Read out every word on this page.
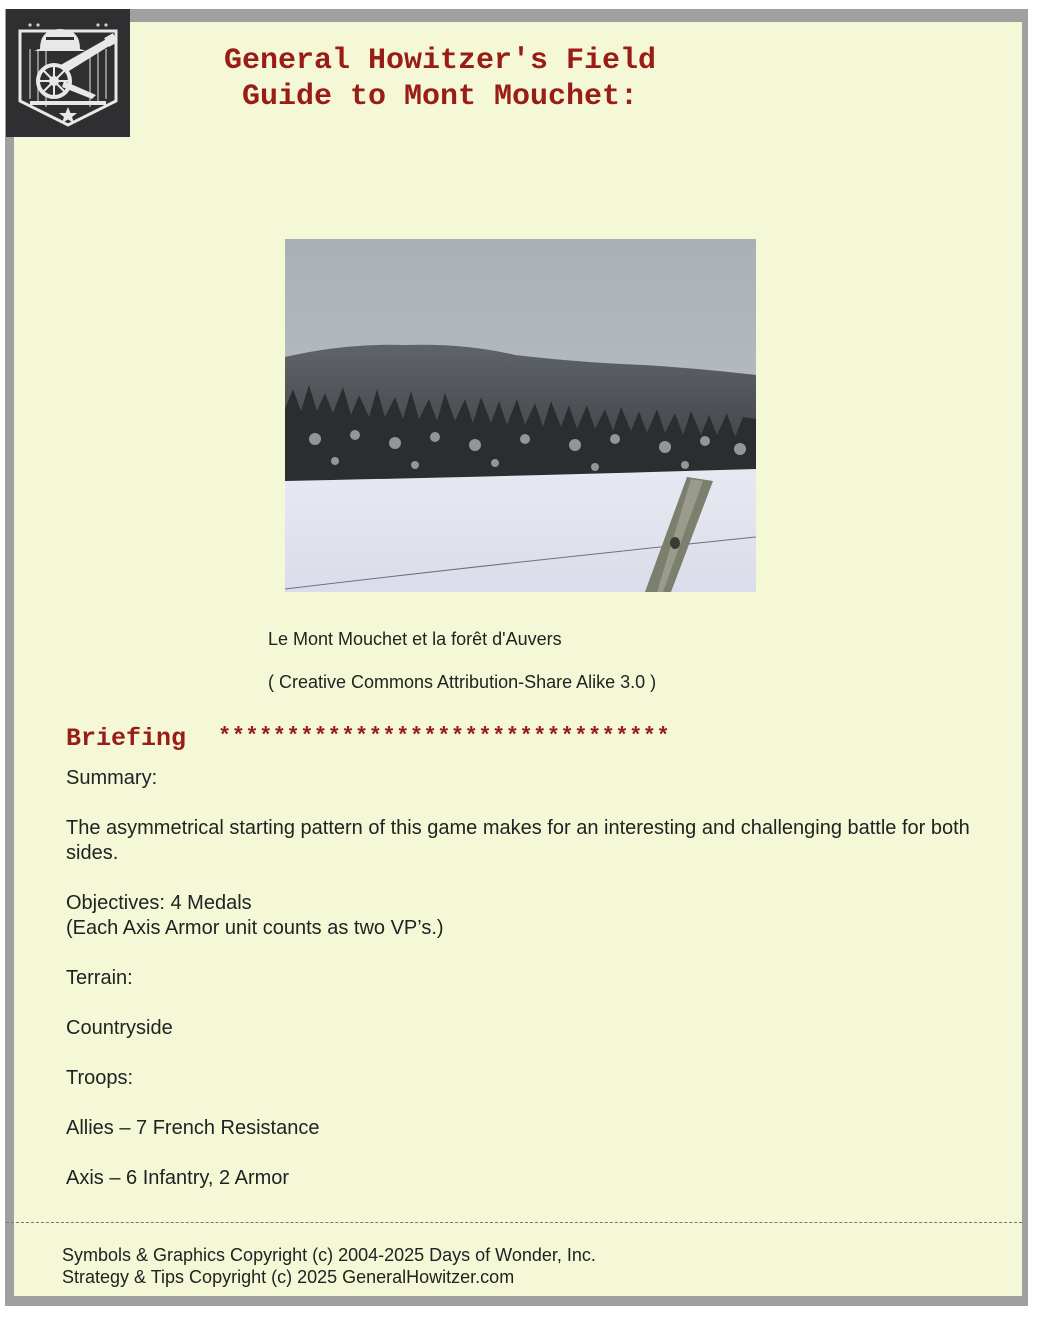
General Howitzer's Field
Guide to Mont Mouchet:

Le Mont Mouchet et la forêt d'Auvers

( Creative Commons Attribution-Share Alike 3.0 )

Briefing *********************************

Summary:

The asymmetrical starting pattern of this game makes for an interesting and challenging battle for both sides.

Objectives: 4 Medals

(Each Axis Armor unit counts as two VP’s.)

Terrain:

Countryside

Troops:

Allies – 7 French Resistance

Axis – 6 Infantry, 2 Armor

Symbols & Graphics Copyright (c) 2004-2025 Days of Wonder, Inc.

Strategy & Tips Copyright (c) 2025 GeneralHowitzer.com
